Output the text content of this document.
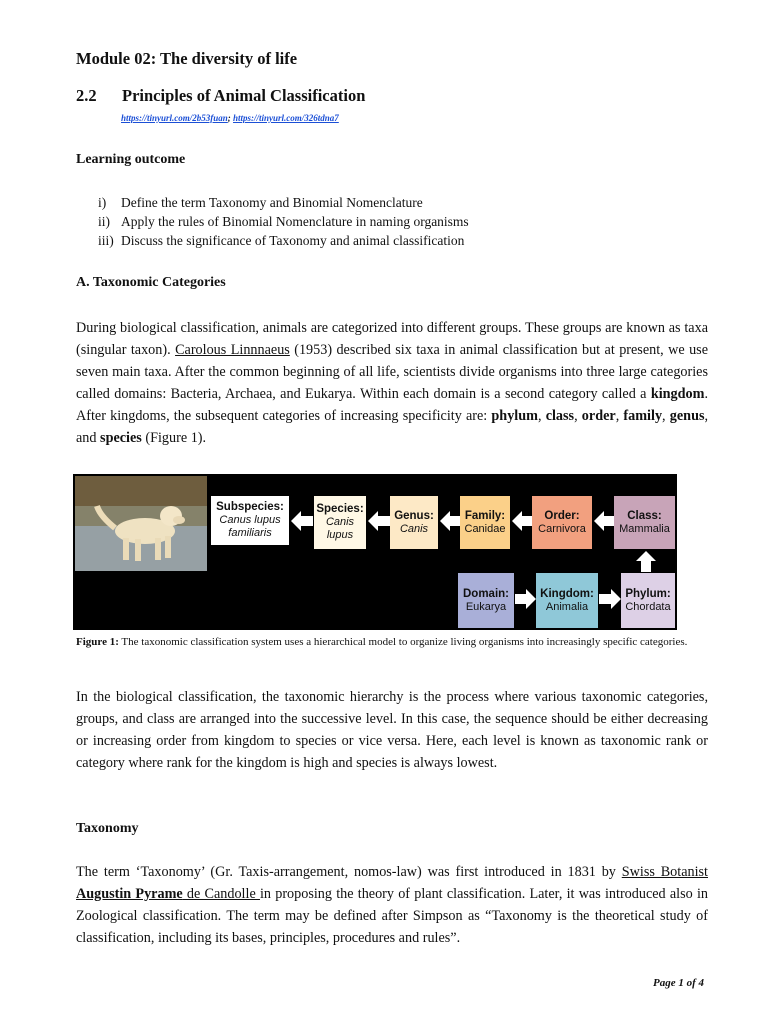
Module 02: The diversity of life
2.2 Principles of Animal Classification
https://tinyurl.com/2b53fuan; https://tinyurl.com/326tdna7
Learning outcome
i)	Define the term Taxonomy and Binomial Nomenclature
ii) Apply the rules of Binomial Nomenclature in naming organisms
iii) Discuss the significance of Taxonomy and animal classification
A. Taxonomic Categories
During biological classification, animals are categorized into different groups. These groups are known as taxa (singular taxon). Carolous Linnnaeus (1953) described six taxa in animal classification but at present, we use seven main taxa. After the common beginning of all life, scientists divide organisms into three large categories called domains: Bacteria, Archaea, and Eukarya. Within each domain is a second category called a kingdom. After kingdoms, the subsequent categories of increasing specificity are: phylum, class, order, family, genus, and species (Figure 1).
Subspecies:
Canus lupus
familiaris
Species:
Canis
lupus
Genus:
Canis
Family:
Canidae
Order:
Carnivora
Class:
Mammalia
Phylum:
Chordata
Kingdom:
Animalia
Domain:
Eukarya
Figure 1: The taxonomic classification system uses a hierarchical model to organize living organisms into increasingly specific categories.
In the biological classification, the taxonomic hierarchy is the process where various taxonomic categories, groups, and class are arranged into the successive level. In this case, the sequence should be either decreasing or increasing order from kingdom to species or vice versa. Here, each level is known as taxonomic rank or category where rank for the kingdom is high and species is always lowest.
Taxonomy
The term ‘Taxonomy’ (Gr. Taxis-arrangement, nomos-law) was first introduced in 1831 by Swiss Botanist Augustin Pyrame de Candolle in proposing the theory of plant classification. Later, it was introduced also in Zoological classification. The term may be defined after Simpson as “Taxonomy is the theoretical study of classification, including its bases, principles, procedures and rules”.
Page 1 of 4
